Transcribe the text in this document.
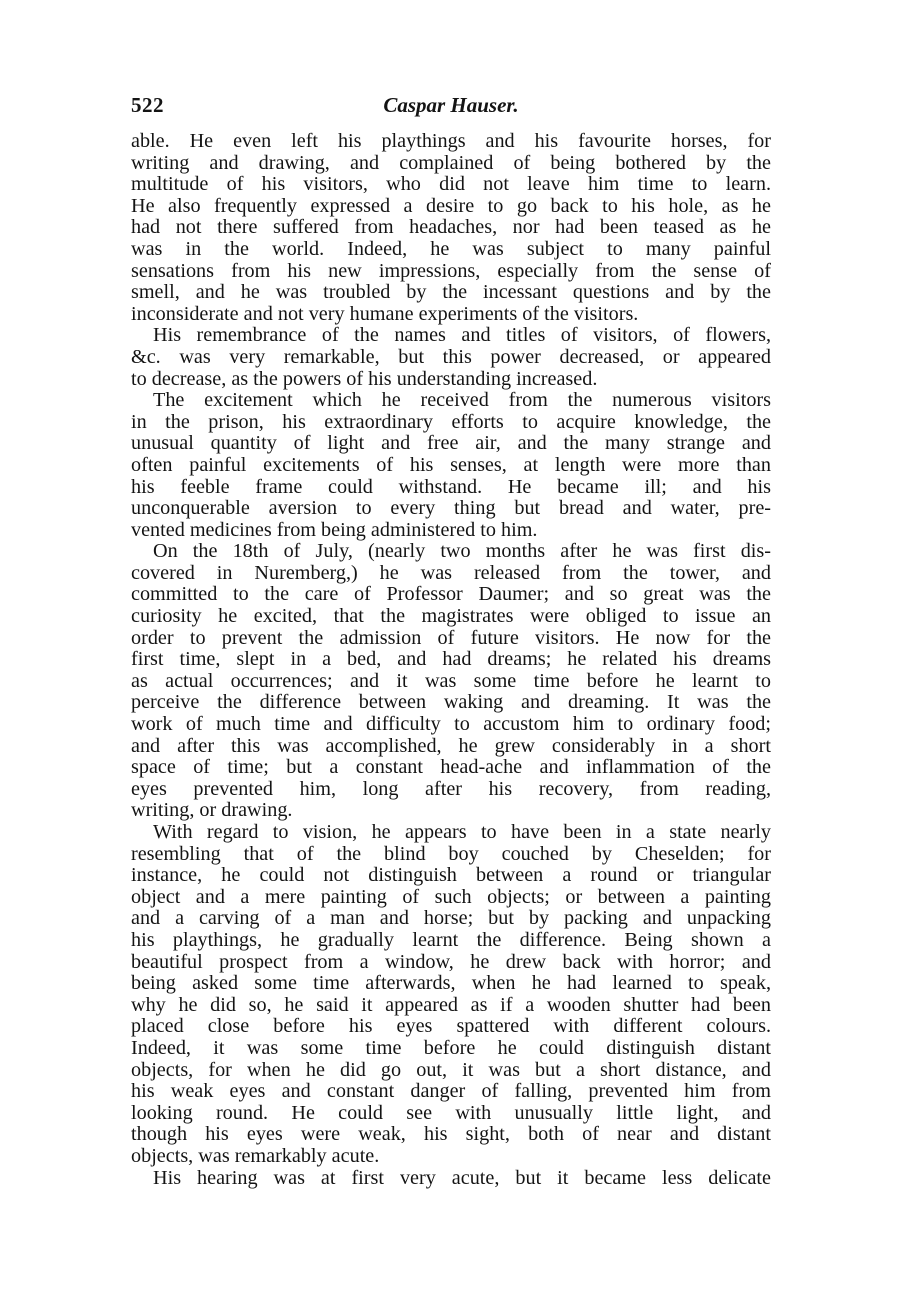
522	Caspar Hauser.
able. He even left his playthings and his favourite horses, for
writing and drawing, and complained of being bothered by the
multitude of his visitors, who did not leave him time to learn.
He also frequently expressed a desire to go back to his hole, as he
had not there suffered from headaches, nor had been teased as he
was in the world. Indeed, he was subject to many painful
sensations from his new impressions, especially from the sense of
smell, and he was troubled by the incessant questions and by the
inconsiderate and not very humane experiments of the visitors.
His remembrance of the names and titles of visitors, of flowers,
&c. was very remarkable, but this power decreased, or appeared
to decrease, as the powers of his understanding increased.
The excitement which he received from the numerous visitors
in the prison, his extraordinary efforts to acquire knowledge, the
unusual quantity of light and free air, and the many strange and
often painful excitements of his senses, at length were more than
his feeble frame could withstand. He became ill; and his
unconquerable aversion to every thing but bread and water, pre-
vented medicines from being administered to him.
On the 18th of July, (nearly two months after he was first dis-
covered in Nuremberg,) he was released from the tower, and
committed to the care of Professor Daumer; and so great was the
curiosity he excited, that the magistrates were obliged to issue an
order to prevent the admission of future visitors. He now for the
first time, slept in a bed, and had dreams; he related his dreams
as actual occurrences; and it was some time before he learnt to
perceive the difference between waking and dreaming. It was the
work of much time and difficulty to accustom him to ordinary food;
and after this was accomplished, he grew considerably in a short
space of time; but a constant head-ache and inflammation of the
eyes prevented him, long after his recovery, from reading,
writing, or drawing.
With regard to vision, he appears to have been in a state nearly
resembling that of the blind boy couched by Cheselden; for
instance, he could not distinguish between a round or triangular
object and a mere painting of such objects; or between a painting
and a carving of a man and horse; but by packing and unpacking
his playthings, he gradually learnt the difference. Being shown a
beautiful prospect from a window, he drew back with horror; and
being asked some time afterwards, when he had learned to speak,
why he did so, he said it appeared as if a wooden shutter had been
placed close before his eyes spattered with different colours.
Indeed, it was some time before he could distinguish distant
objects, for when he did go out, it was but a short distance, and
his weak eyes and constant danger of falling, prevented him from
looking round. He could see with unusually little light, and
though his eyes were weak, his sight, both of near and distant
objects, was remarkably acute.
His hearing was at first very acute, but it became less delicate
